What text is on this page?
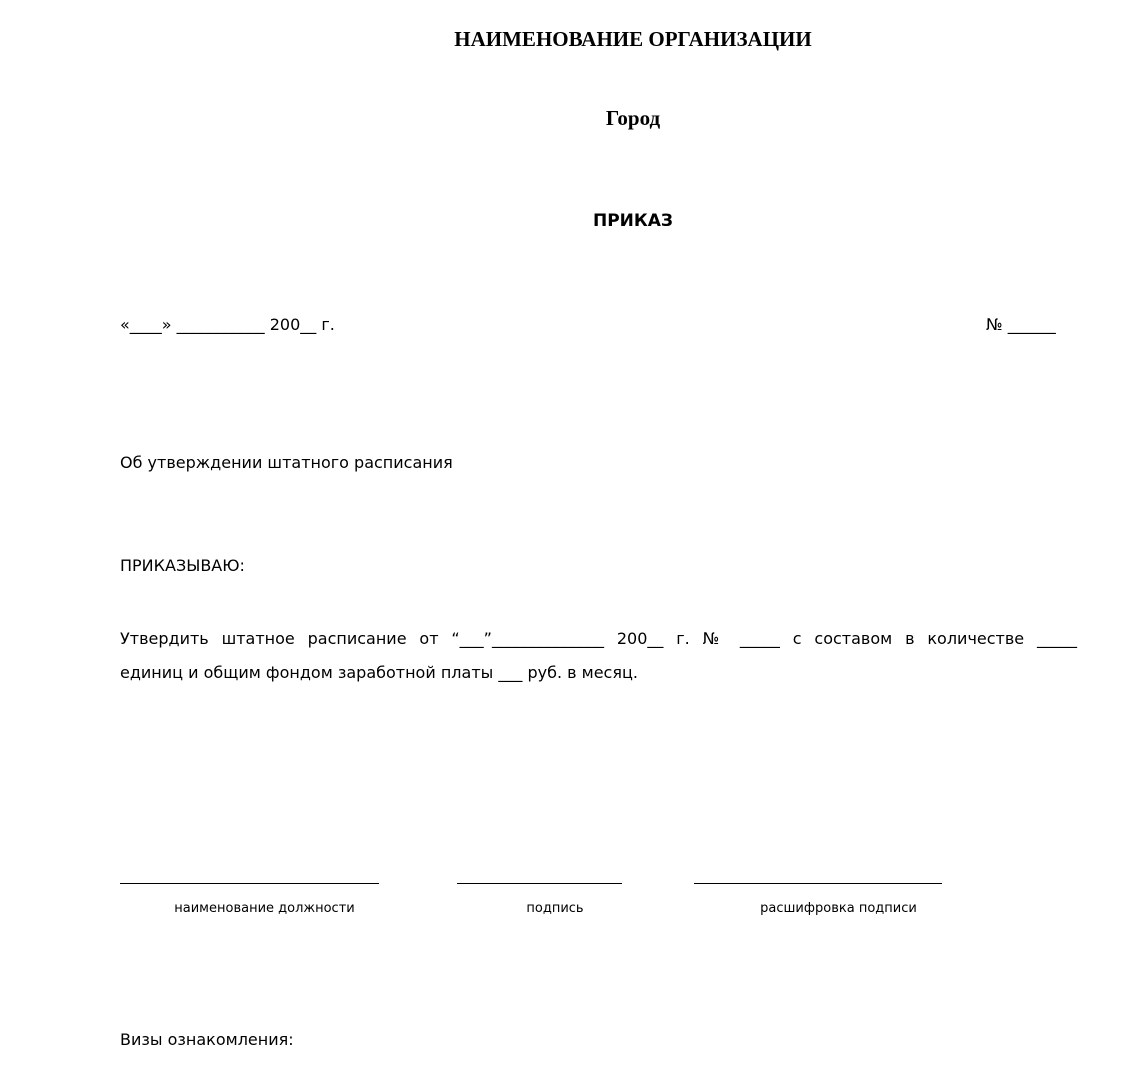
НАИМЕНОВАНИЕ ОРГАНИЗАЦИИ
Город
ПРИКАЗ
«____» ___________ 200__ г.	№ ______
Об утверждении штатного расписания
ПРИКАЗЫВАЮ:
Утвердить штатное расписание от “___”______________ 200__ г. № _____ с составом в количестве _____
единиц и общим фондом заработной платы ___ руб. в месяц.
наименование должности	подпись	расшифровка подписи
Визы ознакомления:
